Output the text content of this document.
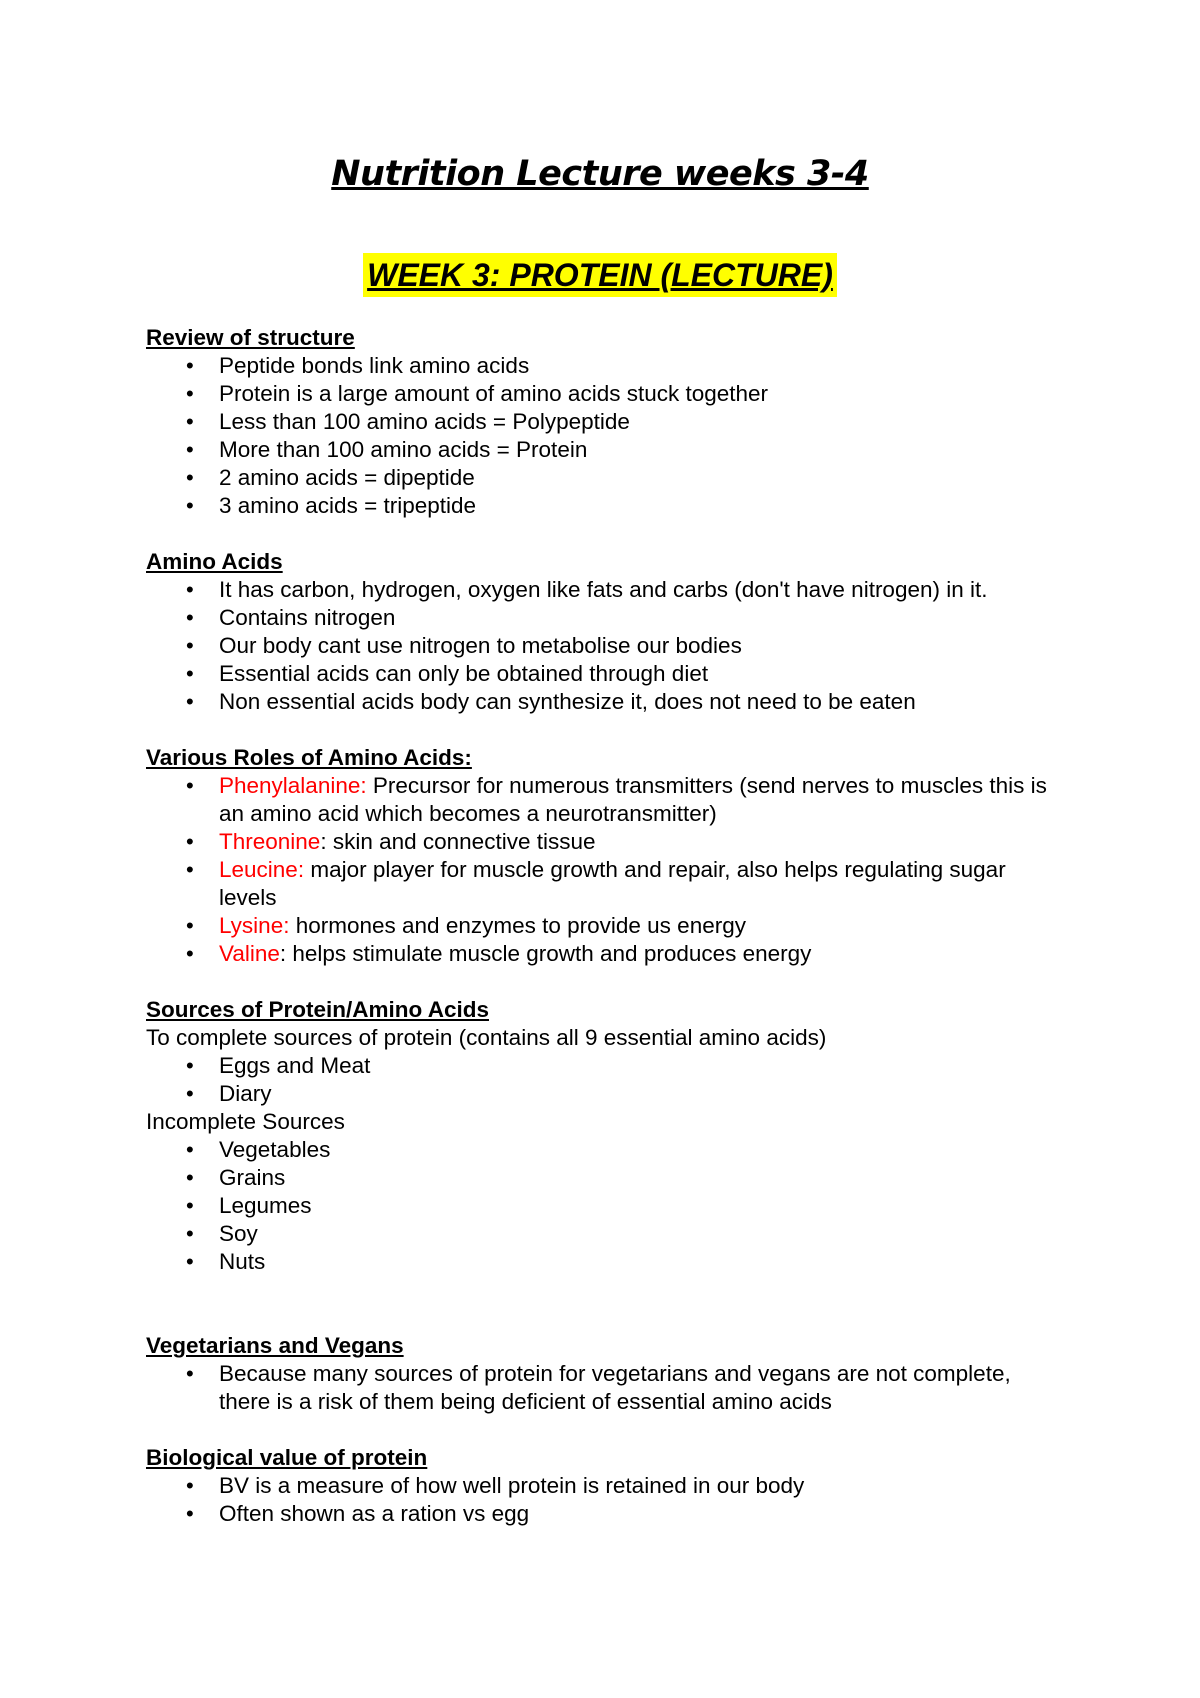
Nutrition Lecture weeks 3-4
WEEK 3: PROTEIN (LECTURE)
Review of structure
• Peptide bonds link amino acids
• Protein is a large amount of amino acids stuck together
• Less than 100 amino acids = Polypeptide
• More than 100 amino acids = Protein
• 2 amino acids = dipeptide
• 3 amino acids = tripeptide
Amino Acids
• It has carbon, hydrogen, oxygen like fats and carbs (don't have nitrogen) in it.
• Contains nitrogen
• Our body cant use nitrogen to metabolise our bodies
• Essential acids can only be obtained through diet
• Non essential acids body can synthesize it, does not need to be eaten
Various Roles of Amino Acids:
• Phenylalanine: Precursor for numerous transmitters (send nerves to muscles this is an amino acid which becomes a neurotransmitter)
• Threonine: skin and connective tissue
• Leucine: major player for muscle growth and repair, also helps regulating sugar levels
• Lysine: hormones and enzymes to provide us energy
• Valine: helps stimulate muscle growth and produces energy
Sources of Protein/Amino Acids
To complete sources of protein (contains all 9 essential amino acids)
• Eggs and Meat
• Diary
Incomplete Sources
• Vegetables
• Grains
• Legumes
• Soy
• Nuts
Vegetarians and Vegans
• Because many sources of protein for vegetarians and vegans are not complete, there is a risk of them being deficient of essential amino acids
Biological value of protein
• BV is a measure of how well protein is retained in our body
• Often shown as a ration vs egg
